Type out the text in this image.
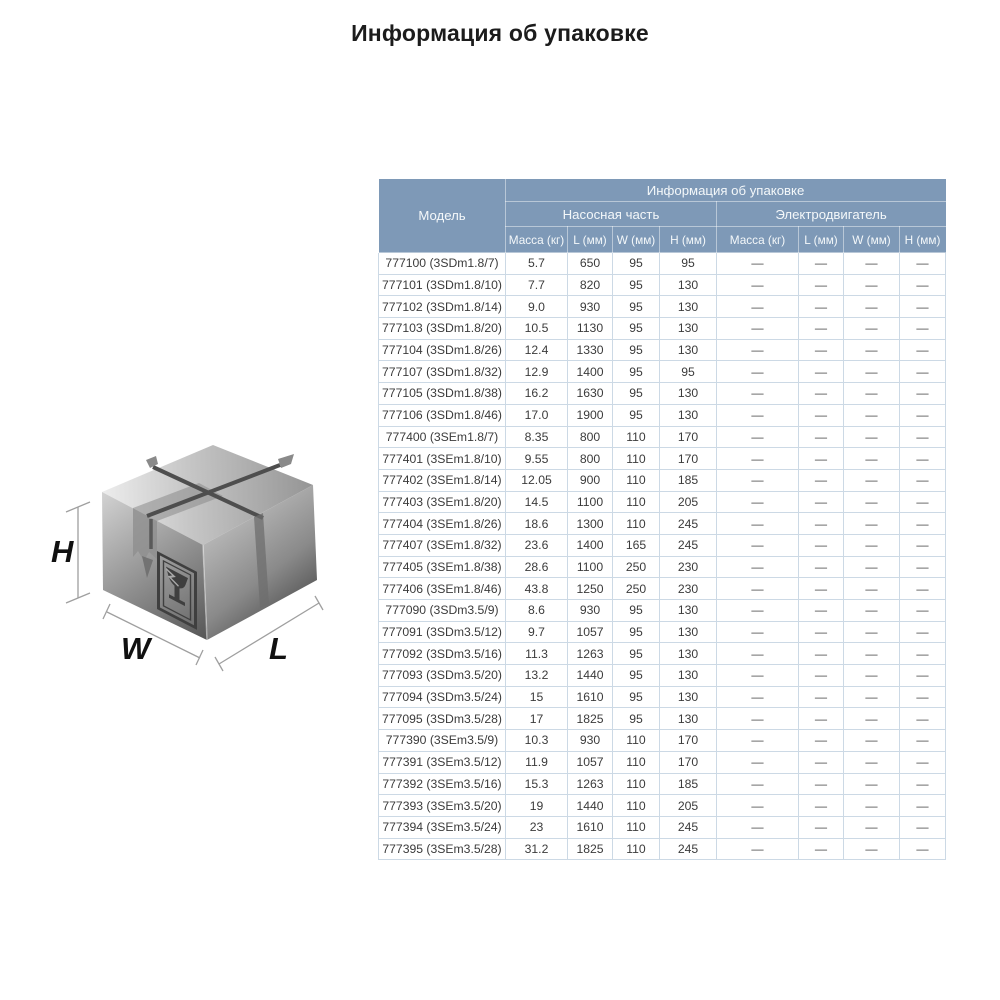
Информация об упаковке
H
W	L
Модель	Информация об упаковке							
	Насосная часть				Электродвигатель			
	Масса (кг)	L (мм)	W (мм)	H (мм)	Масса (кг)	L (мм)	W (мм)	H (мм)
777100 (3SDm1.8/7)	5.7	650	95	95	—	—	—	—
777101 (3SDm1.8/10)	7.7	820	95	130	—	—	—	—
777102 (3SDm1.8/14)	9.0	930	95	130	—	—	—	—
777103 (3SDm1.8/20)	10.5	1130	95	130	—	—	—	—
777104 (3SDm1.8/26)	12.4	1330	95	130	—	—	—	—
777107 (3SDm1.8/32)	12.9	1400	95	95	—	—	—	—
777105 (3SDm1.8/38)	16.2	1630	95	130	—	—	—	—
777106 (3SDm1.8/46)	17.0	1900	95	130	—	—	—	—
777400 (3SEm1.8/7)	8.35	800	110	170	—	—	—	—
777401 (3SEm1.8/10)	9.55	800	110	170	—	—	—	—
777402 (3SEm1.8/14)	12.05	900	110	185	—	—	—	—
777403 (3SEm1.8/20)	14.5	1100	110	205	—	—	—	—
777404 (3SEm1.8/26)	18.6	1300	110	245	—	—	—	—
777407 (3SEm1.8/32)	23.6	1400	165	245	—	—	—	—
777405 (3SEm1.8/38)	28.6	1100	250	230	—	—	—	—
777406 (3SEm1.8/46)	43.8	1250	250	230	—	—	—	—
777090 (3SDm3.5/9)	8.6	930	95	130	—	—	—	—
777091 (3SDm3.5/12)	9.7	1057	95	130	—	—	—	—
777092 (3SDm3.5/16)	11.3	1263	95	130	—	—	—	—
777093 (3SDm3.5/20)	13.2	1440	95	130	—	—	—	—
777094 (3SDm3.5/24)	15	1610	95	130	—	—	—	—
777095 (3SDm3.5/28)	17	1825	95	130	—	—	—	—
777390 (3SEm3.5/9)	10.3	930	110	170	—	—	—	—
777391 (3SEm3.5/12)	11.9	1057	110	170	—	—	—	—
777392 (3SEm3.5/16)	15.3	1263	110	185	—	—	—	—
777393 (3SEm3.5/20)	19	1440	110	205	—	—	—	—
777394 (3SEm3.5/24)	23	1610	110	245	—	—	—	—
777395 (3SEm3.5/28)	31.2	1825	110	245	—	—	—	—
